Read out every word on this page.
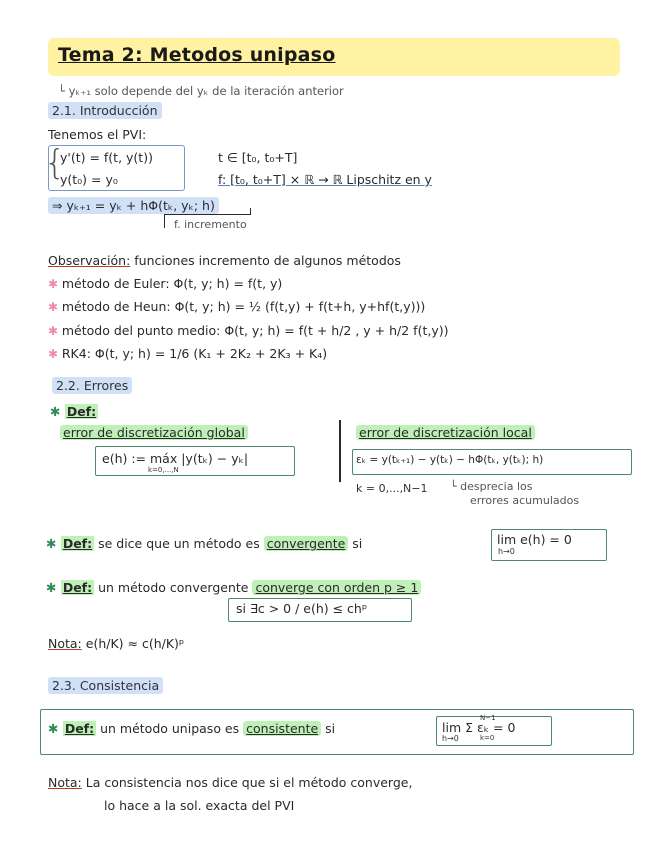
Tema 2: Metodos unipaso
└ yₖ₊₁ solo depende del yₖ de la iteración anterior
2.1. Introducción
Tenemos el PVI:
{
y'(t) = f(t, y(t))
y(t₀) = y₀
t ∈ [t₀, t₀+T]
f: [t₀, t₀+T] × ℝ → ℝ Lipschitz en y
⇒ yₖ₊₁ = yₖ + hΦ(tₖ, yₖ; h)
f. incremento
Observación: funciones incremento de algunos métodos
✱ método de Euler: Φ(t, y; h) = f(t, y)
✱ método de Heun: Φ(t, y; h) = ½ (f(t,y) + f(t+h, y+hf(t,y)))
✱ método del punto medio: Φ(t, y; h) = f(t + h/2 , y + h/2 f(t,y))
✱ RK4: Φ(t, y; h) = 1/6 (K₁ + 2K₂ + 2K₃ + K₄)
2.2. Errores
✱ Def:
error de discretización global
e(h) := máx |y(tₖ) − yₖ|
k=0,...,N
error de discretización local
εₖ = y(tₖ₊₁) − y(tₖ) − hΦ(tₖ, y(tₖ); h)
k = 0,...,N−1 └ desprecia los
errores acumulados
✱ Def: se dice que un método es convergente si	lim e(h) = 0
h→0
✱ Def: un método convergente converge con orden p ≥ 1
si ∃c > 0 / e(h) ≤ chᵖ
Nota: e(h/K) ≈ c(h/K)ᵖ
2.3. Consistencia
✱ Def: un método unipaso es consistente si	lim Σ εₖ = 0
h→0
N−1
k=0
Nota: La consistencia nos dice que si el método converge,
lo hace a la sol. exacta del PVI
